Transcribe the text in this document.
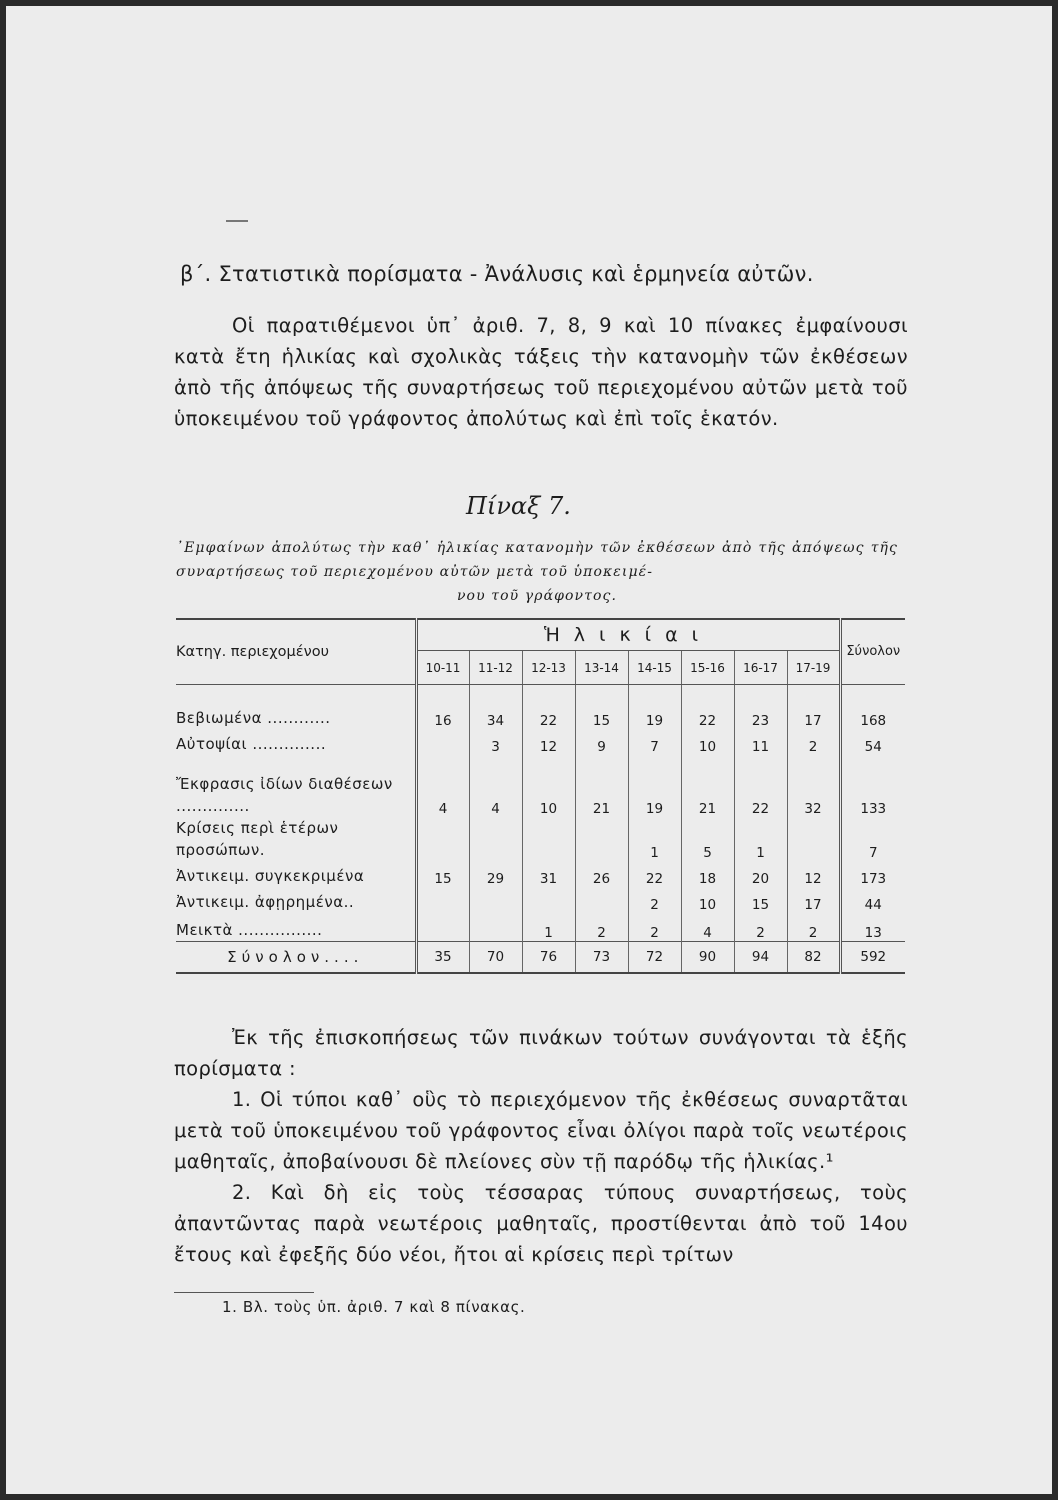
β΄. Στατιστικὰ πορίσματα - Ἀνάλυσις καὶ ἑρμηνεία αὐτῶν.
Οἱ παρατιθέμενοι ὑπ᾽ ἀριθ. 7, 8, 9 καὶ 10 πίνακες ἐμφαίνουσι κατὰ ἔτη ἡλικίας καὶ σχολικὰς τάξεις τὴν κατανομὴν τῶν ἐκθέσεων ἀπὸ τῆς ἀπόψεως τῆς συναρτήσεως τοῦ περιεχομένου αὐτῶν μετὰ τοῦ ὑποκειμένου τοῦ γράφοντος ἀπολύτως καὶ ἐπὶ τοῖς ἑκατόν.
Πίναξ 7.
᾿Εμφαίνων ἀπολύτως τὴν καθ᾽ ἡλικίας κατανομὴν τῶν ἐκθέσεων ἀπὸ τῆς ἀπόψεως τῆς συναρτήσεως τοῦ περιεχομένου αὐτῶν μετὰ τοῦ ὑποκειμέ-
νου τοῦ γράφοντος.
Κατηγ. περιεχομένου	Ἡλικίαι								Σύνολον
	10-11	11-12	12-13	13-14	14-15	15-16	16-17	17-19	
Βεβιωμένα ............	16	34	22	15	19	22	23	17	168
Αὐτοψίαι ..............		3	12	9	7	10	11	2	54
Ἔκφρασις ἰδίων διαθέσεων ..............	4	4	10	21	19	21	22	32	133
Κρίσεις περὶ ἑτέρων προσώπων.					1	5	1		7
Ἀντικειμ. συγκεκριμένα	15	29	31	26	22	18	20	12	173
Ἀντικειμ. ἀφῃρημένα..					2	10	15	17	44
Μεικτὰ ................			1	2	2	4	2	2	13
Σύνολον....	35	70	76	73	72	90	94	82	592

Ἐκ τῆς ἐπισκοπήσεως τῶν πινάκων τούτων συνάγονται τὰ ἑξῆς πορίσματα :

1. Οἱ τύποι καθ᾽ οὓς τὸ περιεχόμενον τῆς ἐκθέσεως συναρτᾶται μετὰ τοῦ ὑποκειμένου τοῦ γράφοντος εἶναι ὀλίγοι παρὰ τοῖς νεωτέροις μαθηταῖς, ἀποβαίνουσι δὲ πλείονες σὺν τῇ παρόδῳ τῆς ἡλικίας.¹

2. Καὶ δὴ εἰς τοὺς τέσσαρας τύπους συναρτήσεως, τοὺς ἀπαντῶντας παρὰ νεωτέροις μαθηταῖς, προστίθενται ἀπὸ τοῦ 14ου ἔτους καὶ ἐφεξῆς δύο νέοι, ἤτοι αἱ κρίσεις περὶ τρίτων

1. Βλ. τοὺς ὑπ. ἀριθ. 7 καὶ 8 πίνακας.
